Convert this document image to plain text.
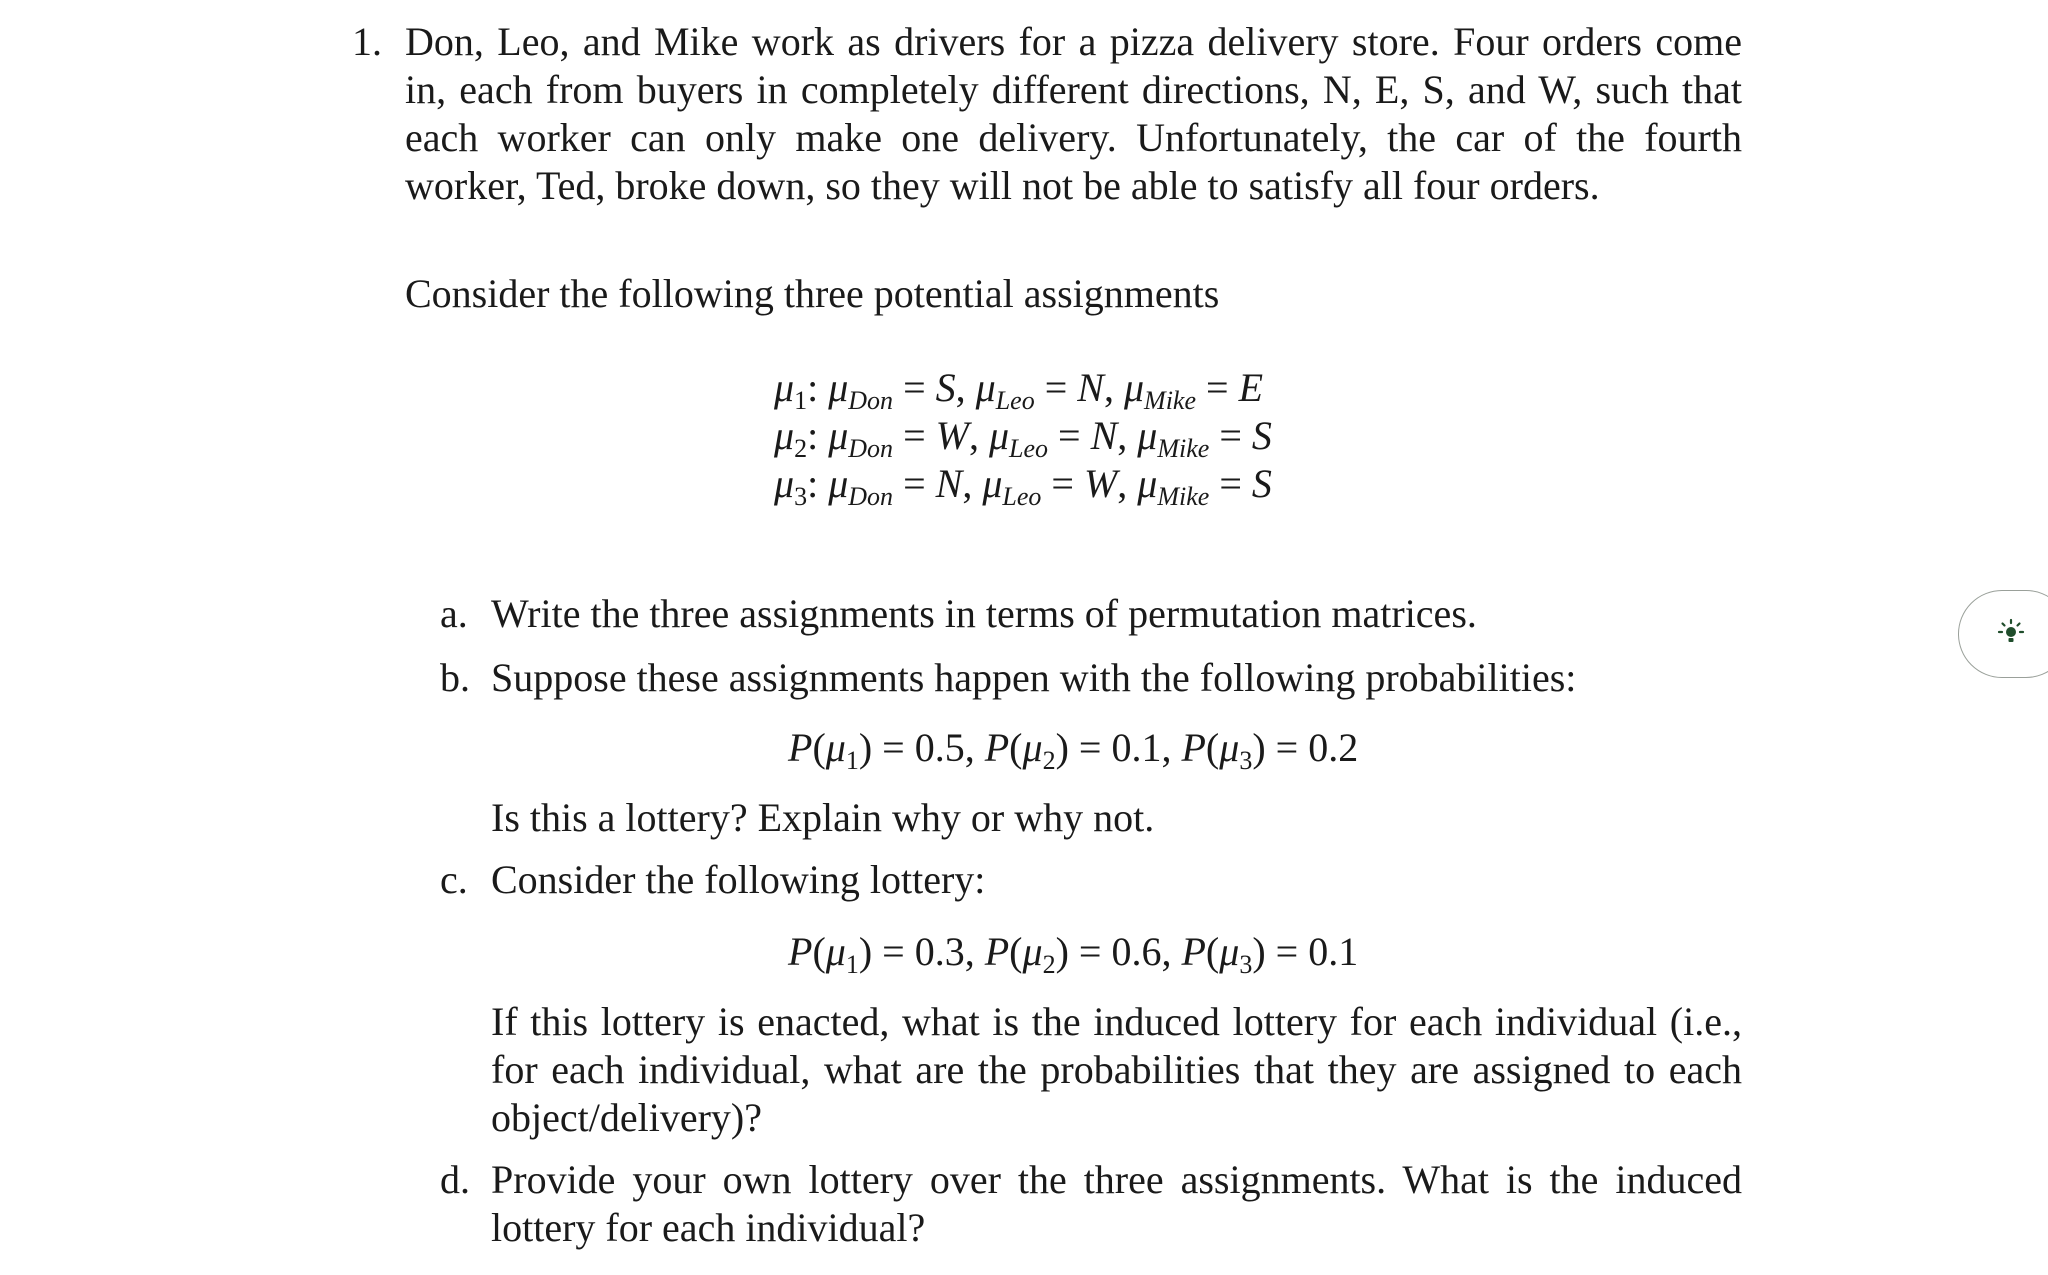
1. Don, Leo, and Mike work as drivers for a pizza delivery store. Four orders come in, each from buyers in completely different directions, N, E, S, and W, such that each worker can only make one delivery. Unfortunately, the car of the fourth worker, Ted, broke down, so they will not be able to satisfy all four orders.
Consider the following three potential assignments
$\mu_1$: $\mu_{Don} = S$, $\mu_{Leo} = N$, $\mu_{Mike} = E$
$\mu_2$: $\mu_{Don} = W$, $\mu_{Leo} = N$, $\mu_{Mike} = S$
$\mu_3$: $\mu_{Don} = N$, $\mu_{Leo} = W$, $\mu_{Mike} = S$
a. Write the three assignments in terms of permutation matrices.
b. Suppose these assignments happen with the following probabilities:
$P(\mu_1) = 0.5$, $P(\mu_2) = 0.1$, $P(\mu_3) = 0.2$
Is this a lottery? Explain why or why not.
c. Consider the following lottery:
$P(\mu_1) = 0.3$, $P(\mu_2) = 0.6$, $P(\mu_3) = 0.1$
If this lottery is enacted, what is the induced lottery for each individual (i.e., for each individual, what are the probabilities that they are assigned to each object/delivery)?
d. Provide your own lottery over the three assignments. What is the induced lottery for each individual?
